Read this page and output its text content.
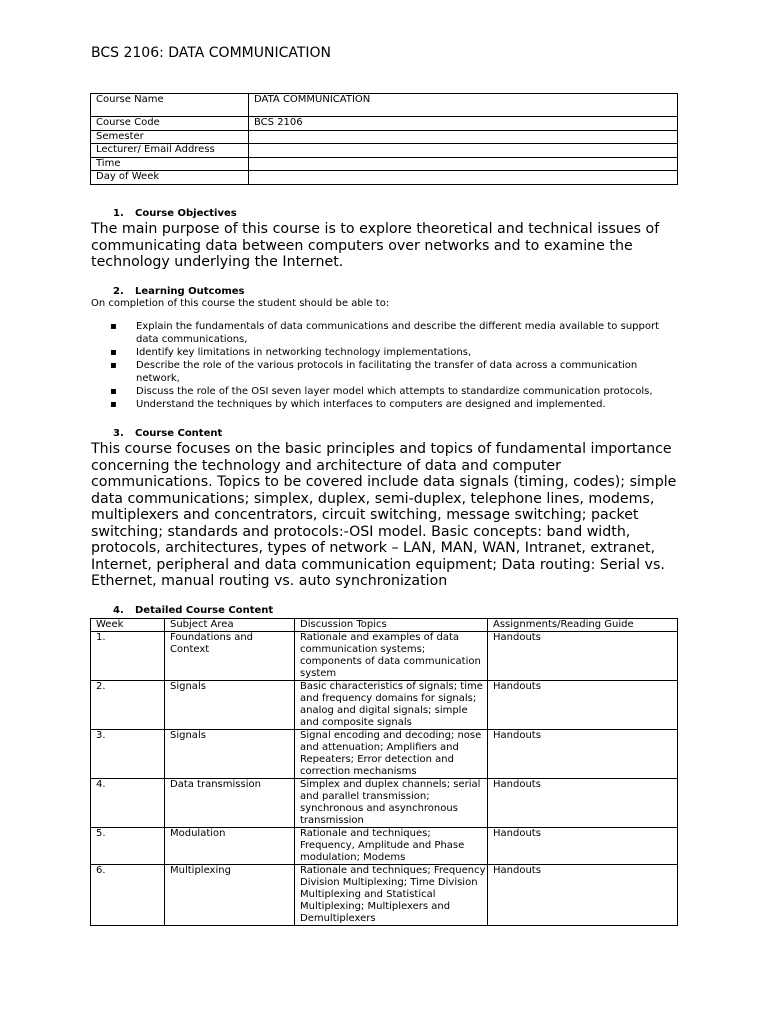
BCS 2106: DATA COMMUNICATION
Course Name	DATA COMMUNICATION
Course Code	BCS 2106
Semester	
Lecturer/ Email Address	
Time	
Day of Week	
1. Course Objectives
The main purpose of this course is to explore theoretical and technical issues of communicating data between computers over networks and to examine the technology underlying the Internet.
2. Learning Outcomes
On completion of this course the student should be able to:
▪ Explain the fundamentals of data communications and describe the different media available to support data communications,
▪ Identify key limitations in networking technology implementations,
▪ Describe the role of the various protocols in facilitating the transfer of data across a communication network,
▪ Discuss the role of the OSI seven layer model which attempts to standardize communication protocols,
▪ Understand the techniques by which interfaces to computers are designed and implemented.
3. Course Content
This course focuses on the basic principles and topics of fundamental importance concerning the technology and architecture of data and computer communications. Topics to be covered include data signals (timing, codes); simple data communications; simplex, duplex, semi-duplex, telephone lines, modems, multiplexers and concentrators, circuit switching, message switching; packet switching; standards and protocols:-OSI model. Basic concepts: band width, protocols, architectures, types of network – LAN, MAN, WAN, Intranet, extranet, Internet, peripheral and data communication equipment; Data routing: Serial vs. Ethernet, manual routing vs. auto synchronization
4. Detailed Course Content
Week	Subject Area	Discussion Topics	Assignments/Reading Guide
1.	Foundations and Context	Rationale and examples of data communication systems; components of data communication system	Handouts
2.	Signals	Basic characteristics of signals; time and frequency domains for signals; analog and digital signals; simple and composite signals	Handouts
3.	Signals	Signal encoding and decoding; nose and attenuation; Amplifiers and Repeaters; Error detection and correction mechanisms	Handouts
4.	Data transmission	Simplex and duplex channels; serial and parallel transmission; synchronous and asynchronous transmission	Handouts
5.	Modulation	Rationale and techniques; Frequency, Amplitude and Phase modulation; Modems	Handouts
6.	Multiplexing	Rationale and techniques; Frequency Division Multiplexing; Time Division Multiplexing and Statistical Multiplexing; Multiplexers and Demultiplexers	Handouts
